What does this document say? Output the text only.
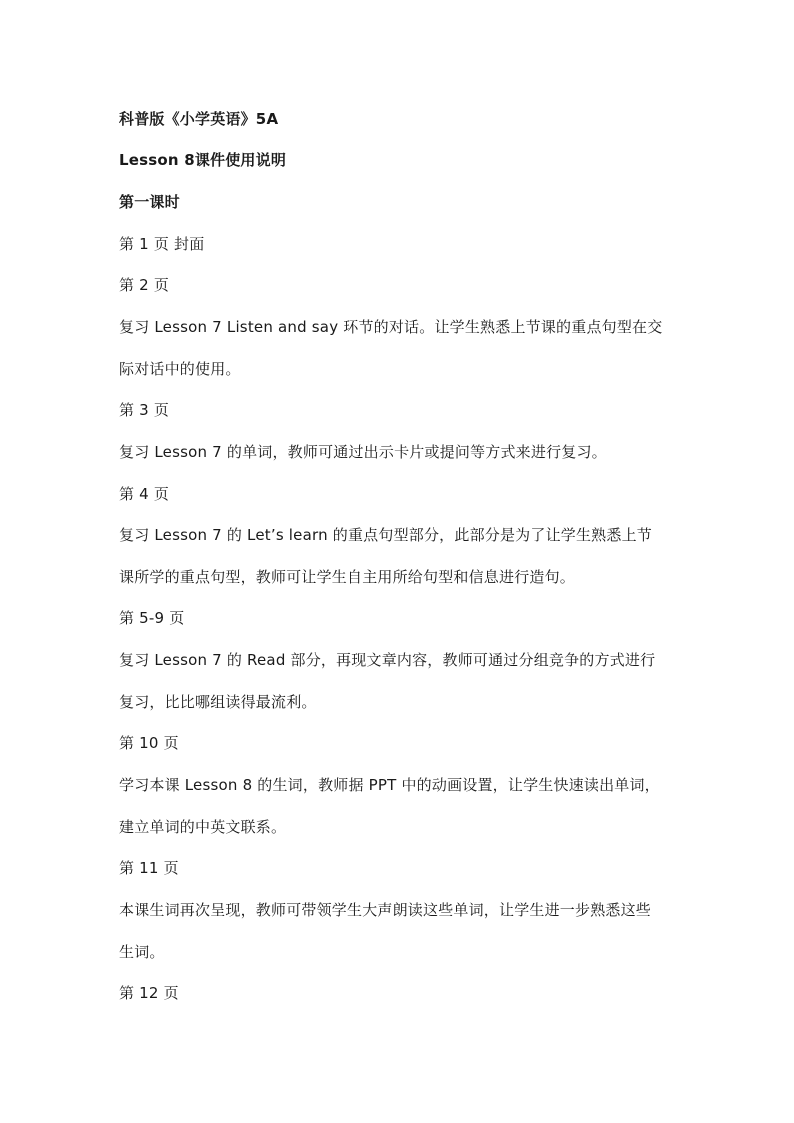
科普版《小学英语》5A
Lesson 8课件使用说明
第一课时
第 1 页 封面
第 2 页
复习 Lesson 7 Listen and say 环节的对话。让学生熟悉上节课的重点句型在交
际对话中的使用。
第 3 页
复习 Lesson 7 的单词，教师可通过出示卡片或提问等方式来进行复习。
第 4 页
复习 Lesson 7 的 Let’s learn 的重点句型部分，此部分是为了让学生熟悉上节
课所学的重点句型，教师可让学生自主用所给句型和信息进行造句。
第 5-9 页
复习 Lesson 7 的 Read 部分，再现文章内容，教师可通过分组竞争的方式进行
复习，比比哪组读得最流利。
第 10 页
学习本课 Lesson 8 的生词，教师据 PPT 中的动画设置，让学生快速读出单词，
建立单词的中英文联系。
第 11 页
本课生词再次呈现，教师可带领学生大声朗读这些单词，让学生进一步熟悉这些
生词。
第 12 页
